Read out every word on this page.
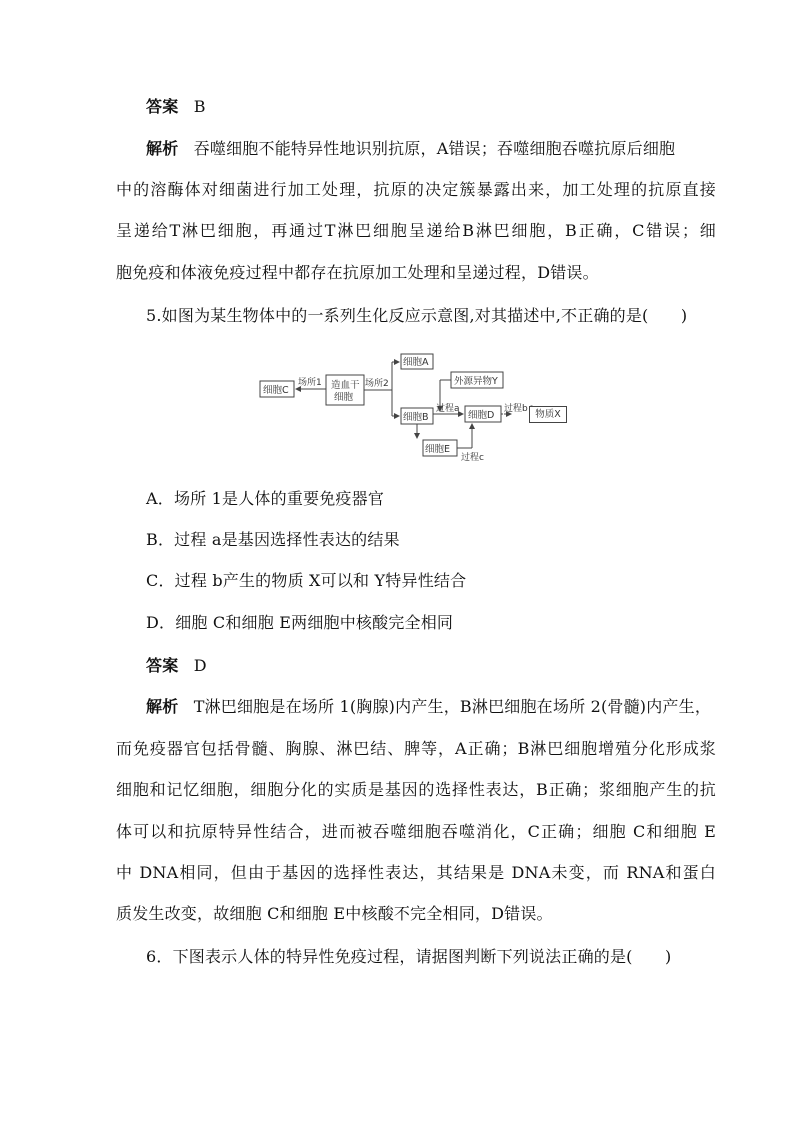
答案 B
解析 吞噬细胞不能特异性地识别抗原，A错误；吞噬细胞吞噬抗原后细胞
中的溶酶体对细菌进行加工处理，抗原的决定簇暴露出来，加工处理的抗原直接
呈递给T淋巴细胞，再通过T淋巴细胞呈递给B淋巴细胞，B正确，C错误；细
胞免疫和体液免疫过程中都存在抗原加工处理和呈递过程，D错误。
5.如图为某生物体中的一系列生化反应示意图,对其描述中,不正确的是(　　)
细胞C	造血干
细胞
细胞A
外源异物Y
细胞B	细胞D
细胞E
场所1	场所2
过程a
过程c
过程b 物质X
A．场所 1是人体的重要免疫器官
B．过程 a是基因选择性表达的结果
C．过程 b产生的物质 X可以和 Y特异性结合
D．细胞 C和细胞 E两细胞中核酸完全相同
答案 D
解析 T淋巴细胞是在场所 1(胸腺)内产生，B淋巴细胞在场所 2(骨髓)内产生，
而免疫器官包括骨髓、胸腺、淋巴结、脾等，A正确；B淋巴细胞增殖分化形成浆
细胞和记忆细胞，细胞分化的实质是基因的选择性表达，B正确；浆细胞产生的抗
体可以和抗原特异性结合，进而被吞噬细胞吞噬消化，C正确；细胞 C和细胞 E
中 DNA相同，但由于基因的选择性表达，其结果是 DNA未变，而 RNA和蛋白
质发生改变，故细胞 C和细胞 E中核酸不完全相同，D错误。
6．下图表示人体的特异性免疫过程，请据图判断下列说法正确的是(　　)
